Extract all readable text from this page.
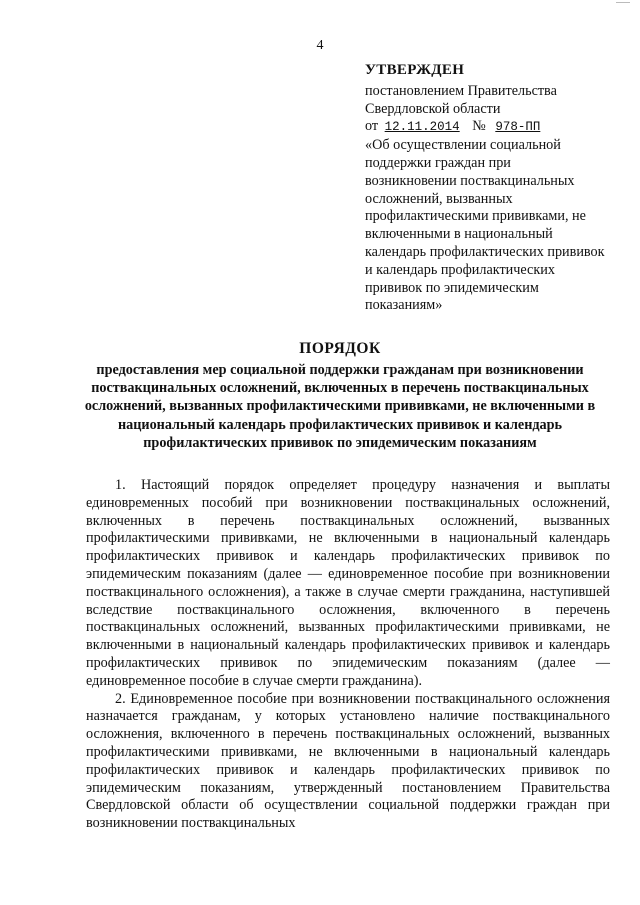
4
УТВЕРЖДЕН
постановлением Правительства
Свердловской области
от 12.11.2014 № 978-ПП
«Об осуществлении социальной поддержки граждан при возникновении поствакцинальных осложнений, вызванных профилактическими прививками, не включенными в национальный календарь профилактических прививок и календарь профилактических прививок по эпидемическим показаниям»
ПОРЯДОК
предоставления мер социальной поддержки гражданам при возникновении поствакцинальных осложнений, включенных в перечень поствакцинальных осложнений, вызванных профилактическими прививками, не включенными в национальный календарь профилактических прививок и календарь профилактических прививок по эпидемическим показаниям

1. Настоящий порядок определяет процедуру назначения и выплаты единовременных пособий при возникновении поствакцинальных осложнений, включенных в перечень поствакцинальных осложнений, вызванных профилактическими прививками, не включенными в национальный календарь профилактических прививок и календарь профилактических прививок по эпидемическим показаниям (далее — единовременное пособие при возникновении поствакцинального осложнения), а также в случае смерти гражданина, наступившей вследствие поствакцинального осложнения, включенного в перечень поствакцинальных осложнений, вызванных профилактическими прививками, не включенными в национальный календарь профилактических прививок и календарь профилактических прививок по эпидемическим показаниям (далее — единовременное пособие в случае смерти гражданина).

2. Единовременное пособие при возникновении поствакцинального осложнения назначается гражданам, у которых установлено наличие поствакцинального осложнения, включенного в перечень поствакцинальных осложнений, вызванных профилактическими прививками, не включенными в национальный календарь профилактических прививок и календарь профилактических прививок по эпидемическим показаниям, утвержденный постановлением Правительства Свердловской области об осуществлении социальной поддержки граждан при возникновении поствакцинальных
